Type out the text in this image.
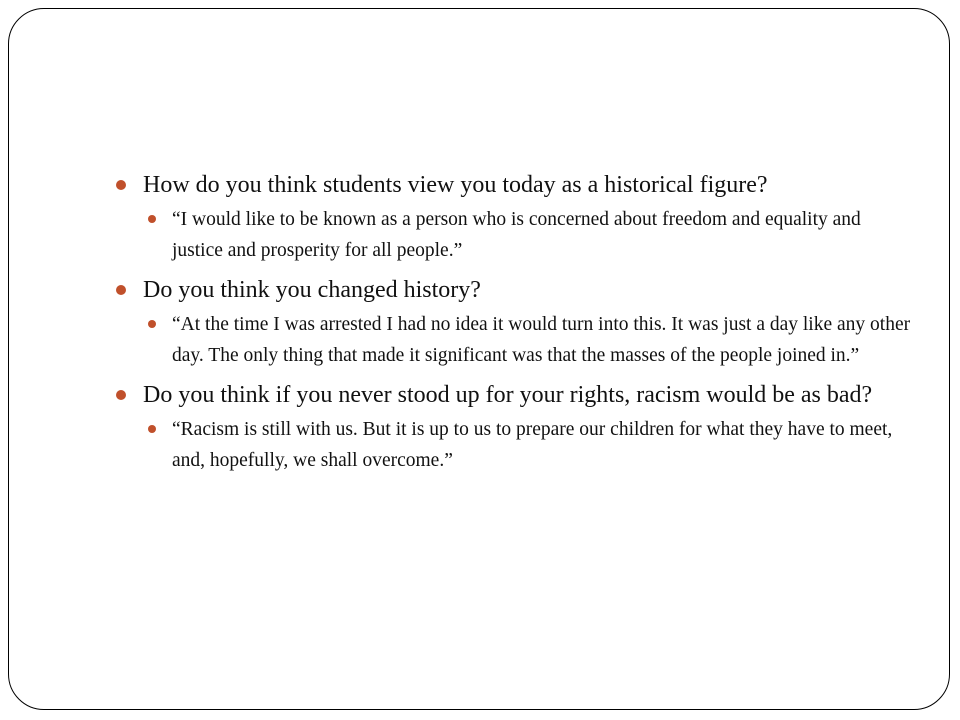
How do you think students view you today as a historical figure?
“I would like to be known as a person who is concerned about freedom and equality and justice and prosperity for all people.”
Do you think you changed history?
“At the time I was arrested I had no idea it would turn into this. It was just a day like any other day. The only thing that made it significant was that the masses of the people joined in.”
Do you think if you never stood up for your rights, racism would be as bad?
“Racism is still with us. But it is up to us to prepare our children for what they have to meet, and, hopefully, we shall overcome.”
